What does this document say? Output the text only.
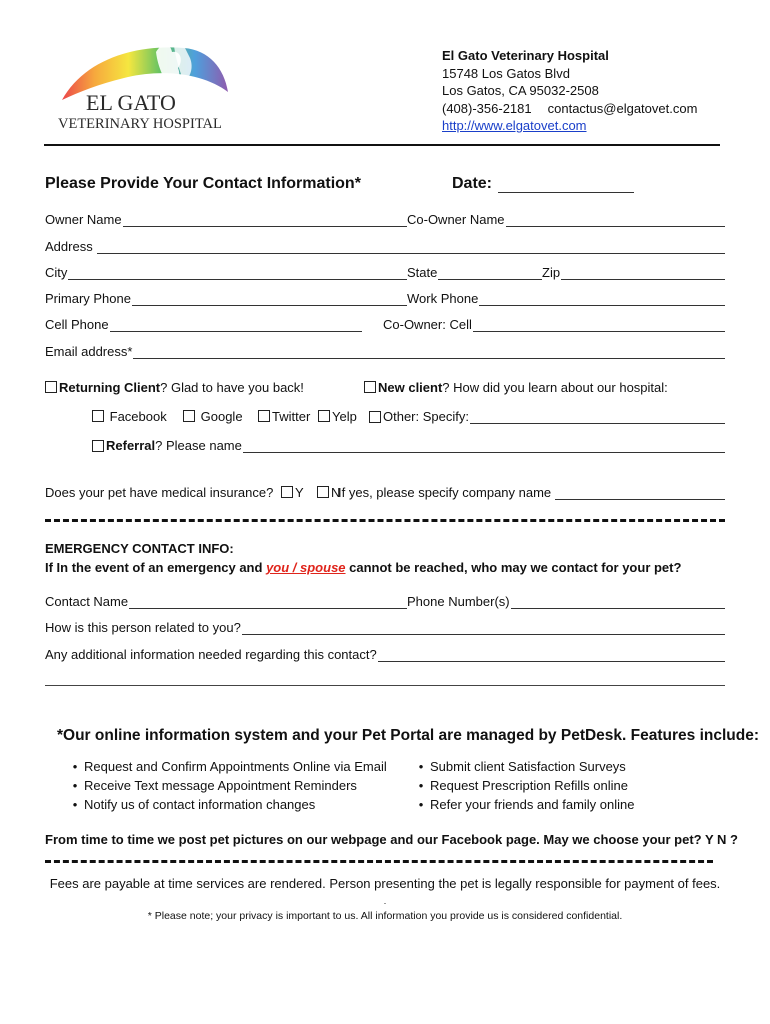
EL GATO
VETERINARY HOSPITAL
El Gato Veterinary Hospital
15748 Los Gatos Blvd
Los Gatos, CA 95032-2508
(408)-356-2181 contactus@elgatovet.com
http://www.elgatovet.com
Please Provide Your Contact Information*	Date:
Owner Name	Co-Owner Name
Address
City	State	Zip
Primary Phone	Work Phone
Cell Phone	Co-Owner: Cell
Email address*
Returning Client? Glad to have you back!	New client? How did you learn about our hospital:
Facebook	Google	Twitter	Yelp Other: Specify:
Referral ? Please name
Does your pet have medical insurance? Y N
If yes, please specify company name
EMERGENCY CONTACT INFO:
If In the event of an emergency and you / spouse cannot be reached, who may we contact for your pet?
Contact Name	Phone Number(s)
How is this person related to you?
Any additional information needed regarding this contact?
*Our online information system and your Pet Portal are managed by PetDesk. Features include:
• Request and Confirm Appointments Online via Email
• Receive Text message Appointment Reminders
• Notify us of contact information changes
• Submit client Satisfaction Surveys
• Request Prescription Refills online
• Refer your friends and family online
From time to time we post pet pictures on our webpage and our Facebook page. May we choose your pet? Y N ?
Fees are payable at time services are rendered. Person presenting the pet is legally responsible for payment of fees.
.
* Please note; your privacy is important to us. All information you provide us is considered confidential.
